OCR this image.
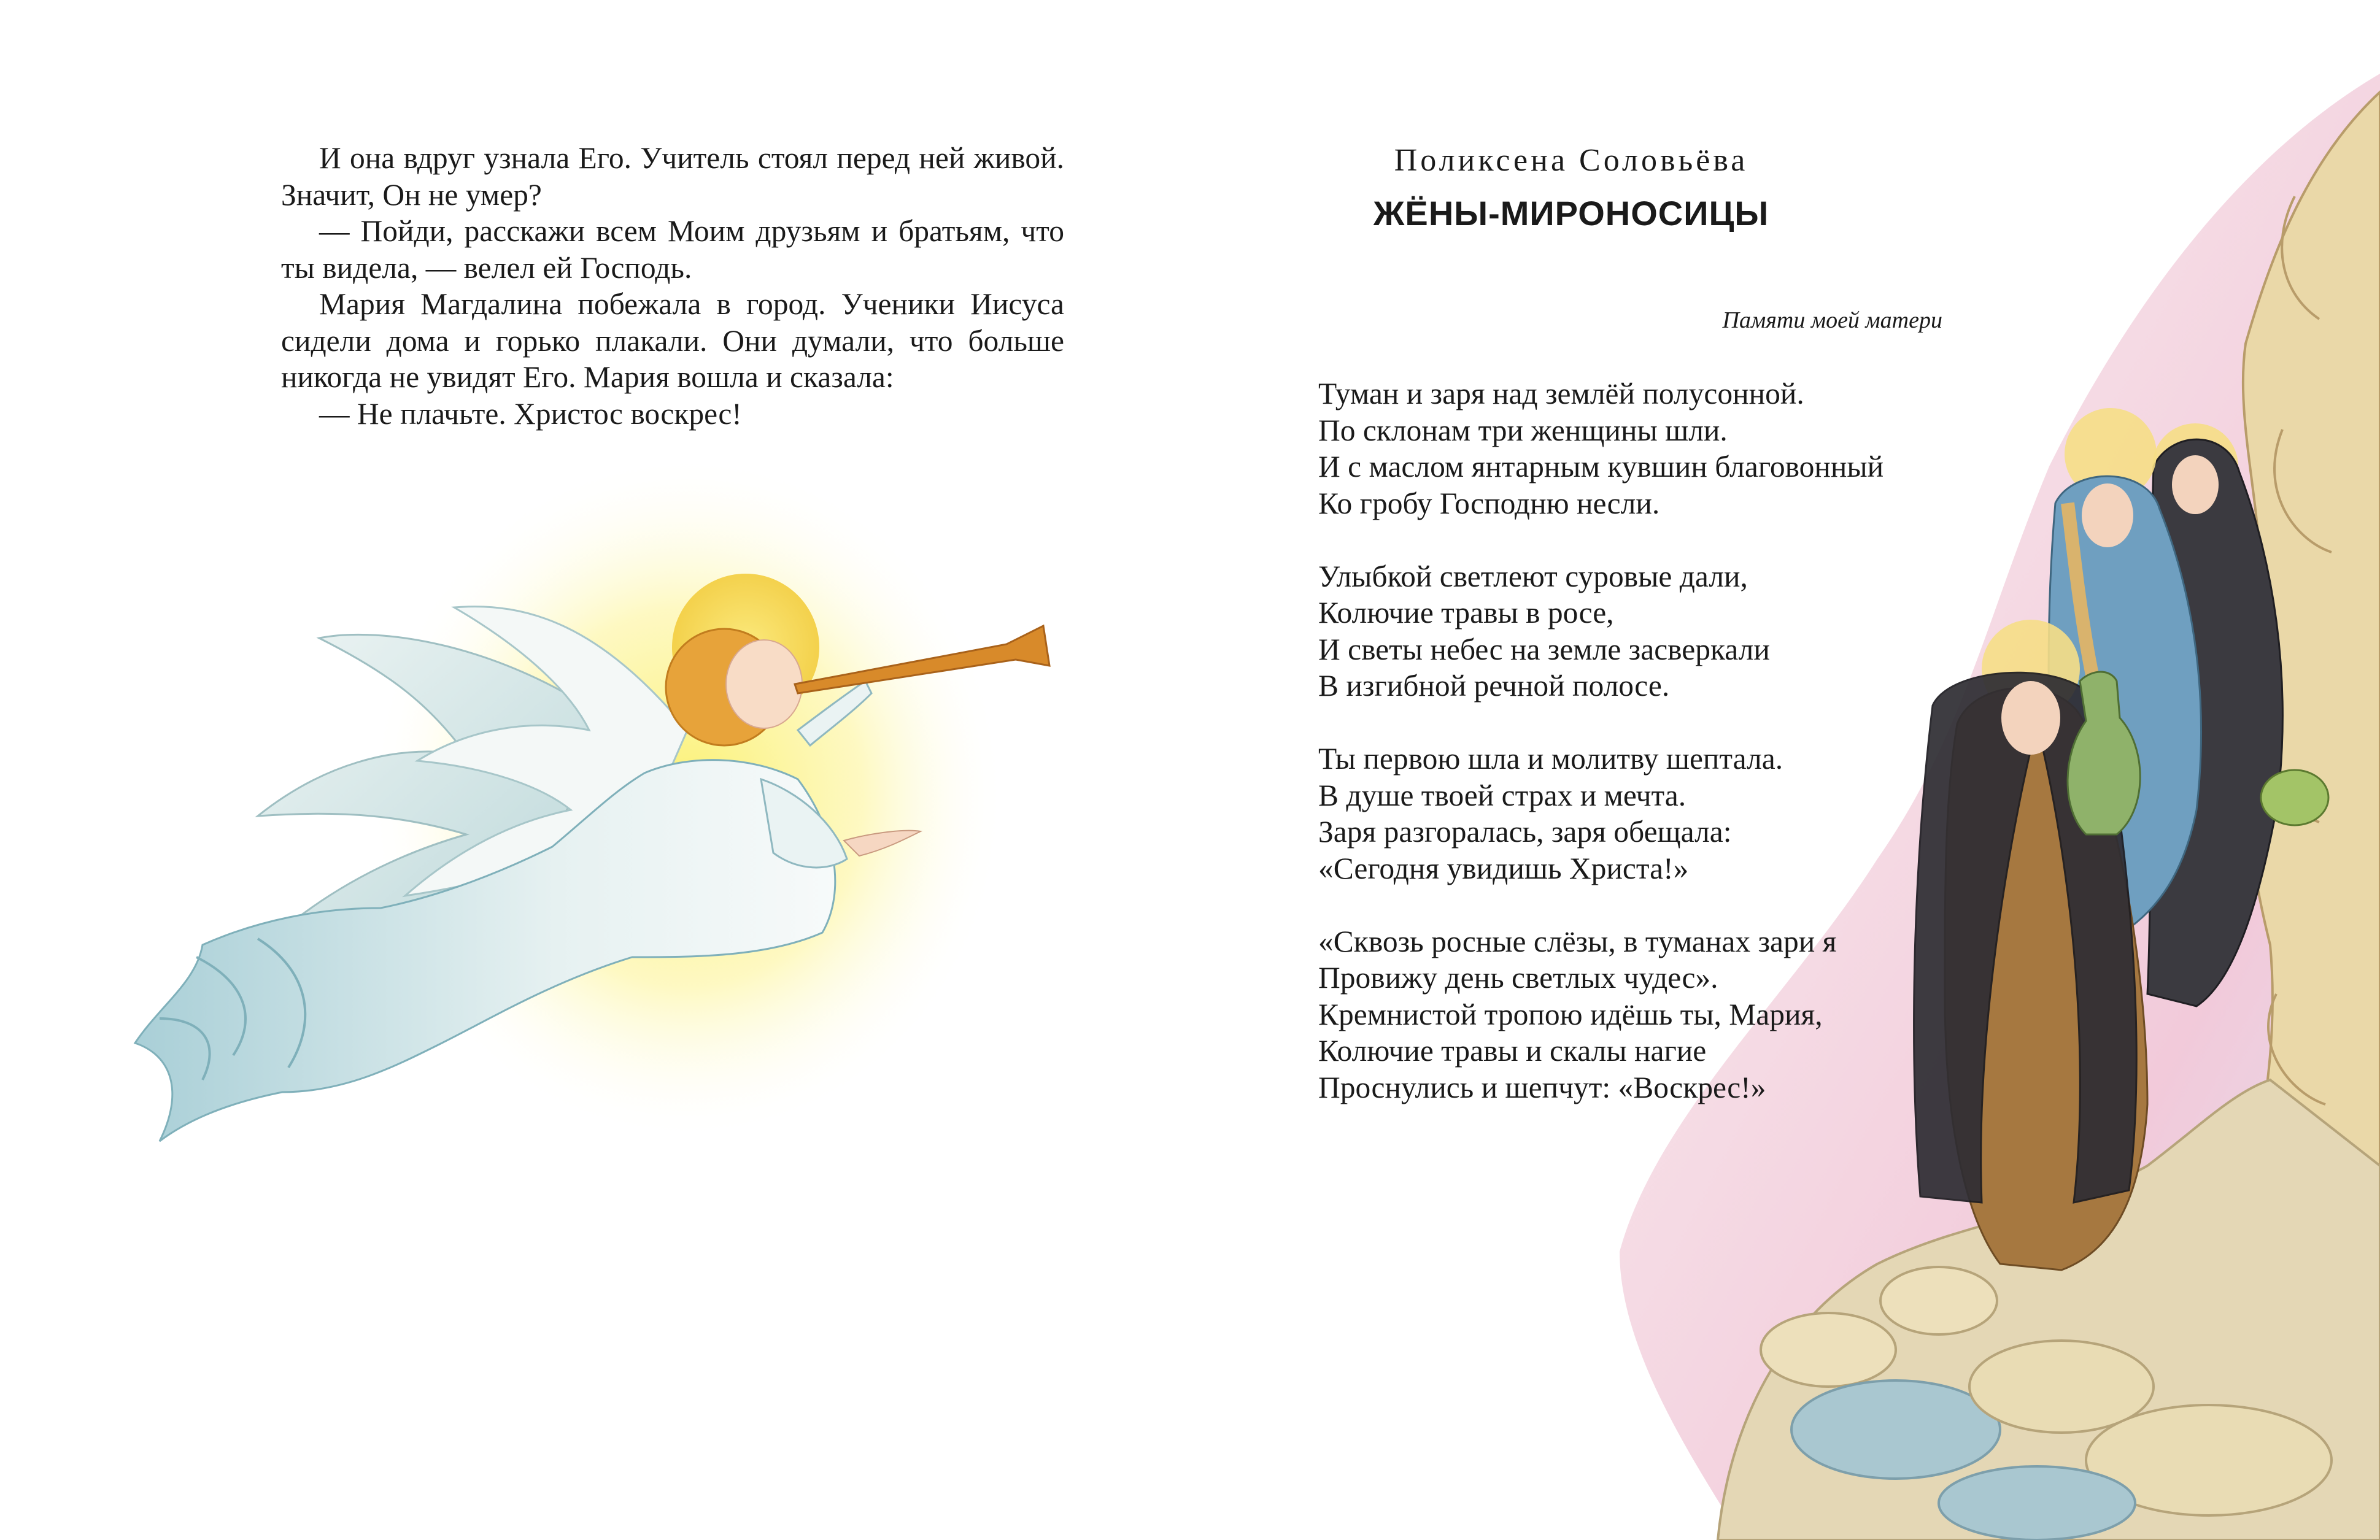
И она вдруг узнала Его. Учитель стоял перед ней живой. Значит, Он не умер?

— Пойди, расскажи всем Моим друзьям и братьям, что ты видела, — велел ей Господь.

Мария Магдалина побежала в город. Ученики Иисуса сидели дома и горько плакали. Они думали, что больше никогда не увидят Его. Мария вошла и сказала:

— Не плачьте. Христос воскрес!

Поликсена Соловьёва
ЖЁНЫ-МИРОНОСИЦЫ
Памяти моей матери
Туман и заря над землёй полусонной.
По склонам три женщины шли.
И с маслом янтарным кувшин благовонный
Ко гробу Господню несли.
Улыбкой светлеют суровые дали,
Колючие травы в росе,
И светы небес на земле засверкали
В изгибной речной полосе.
Ты первою шла и молитву шептала.
В душе твоей страх и мечта.
Заря разгоралась, заря обещала:
«Сегодня увидишь Христа!»
«Сквозь росные слёзы, в туманах зари я
Провижу день светлых чудес».
Кремнистой тропою идёшь ты, Мария,
Колючие травы и скалы нагие
Проснулись и шепчут: «Воскрес!»
